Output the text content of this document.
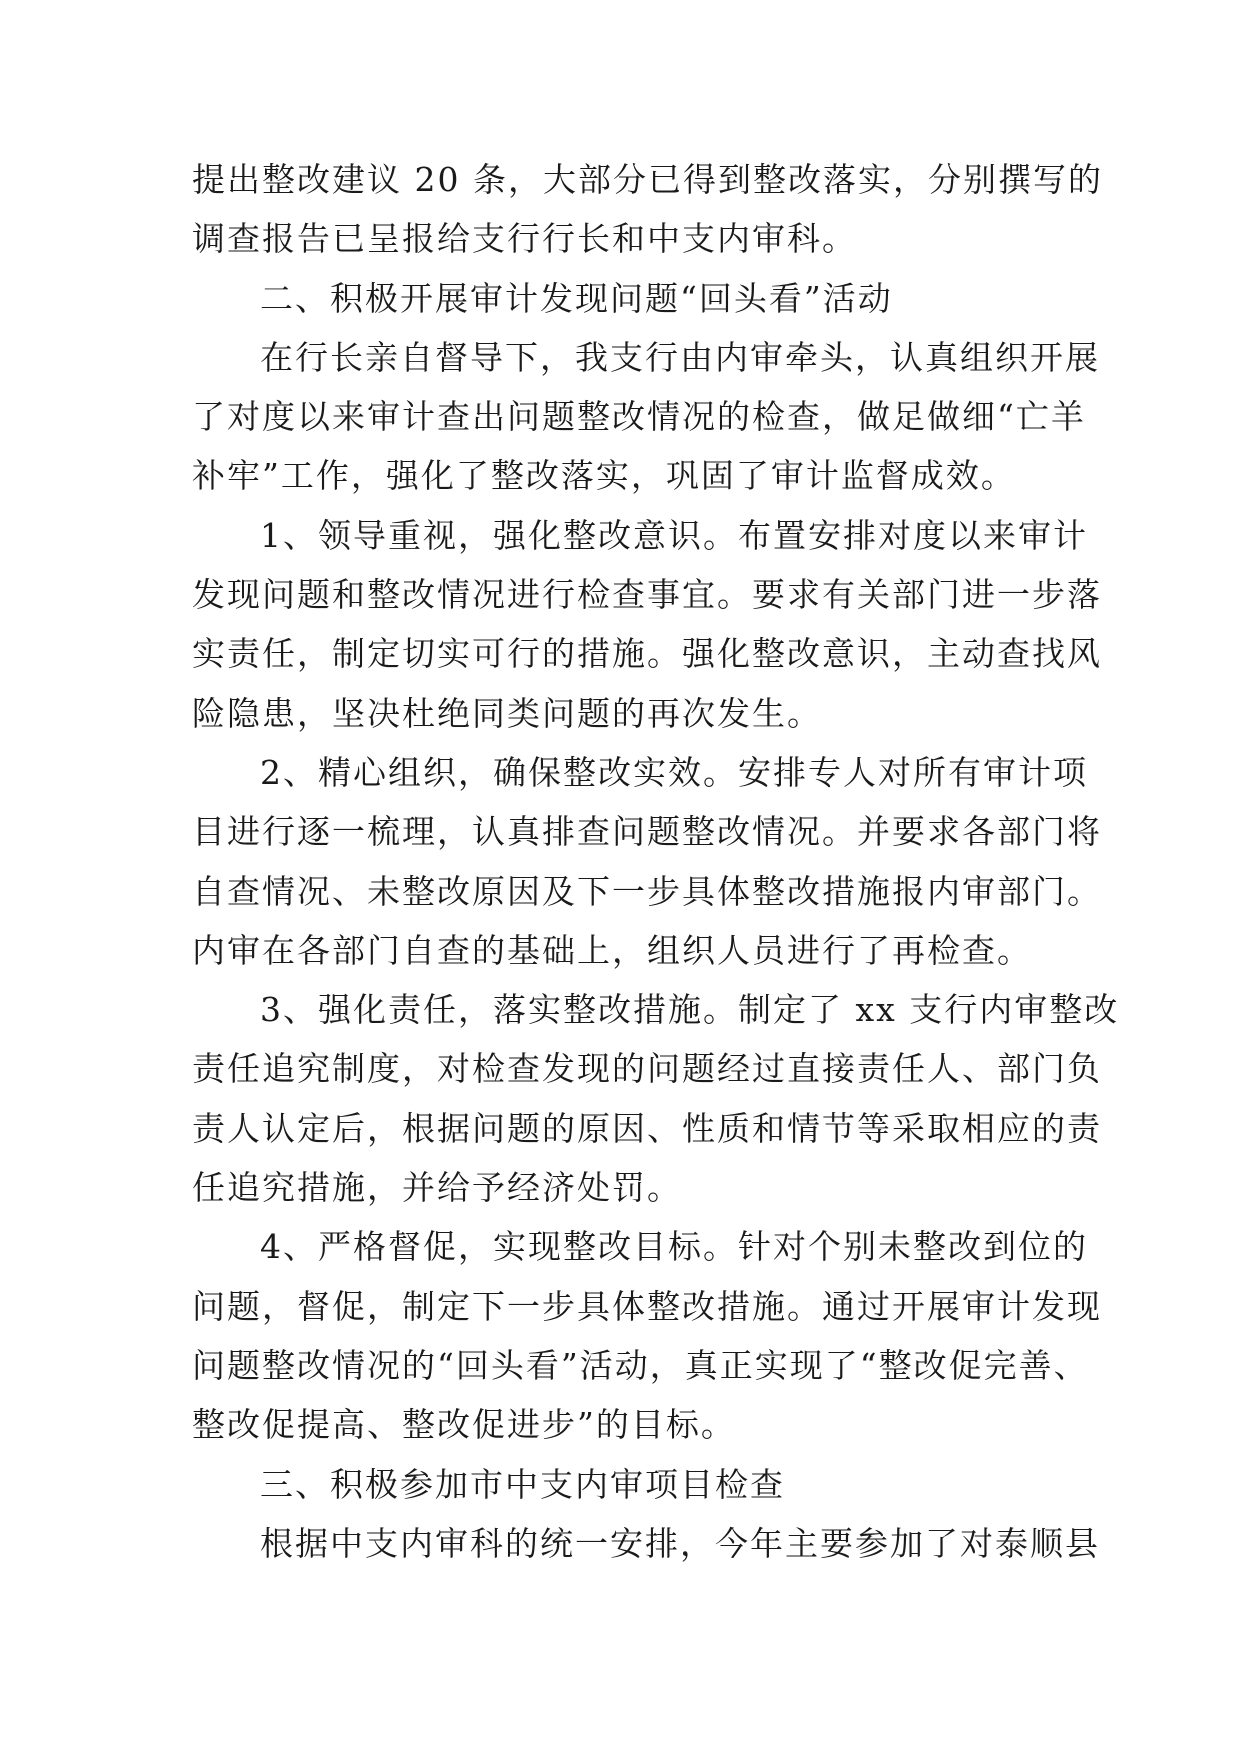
提出整改建议 20 条，大部分已得到整改落实，分别撰写的
调查报告已呈报给支行行长和中支内审科。
二、积极开展审计发现问题“回头看”活动
在行长亲自督导下，我支行由内审牵头，认真组织开展
了对度以来审计查出问题整改情况的检查，做足做细“亡羊
补牢”工作，强化了整改落实，巩固了审计监督成效。
1、领导重视，强化整改意识。布置安排对度以来审计
发现问题和整改情况进行检查事宜。要求有关部门进一步落
实责任，制定切实可行的措施。强化整改意识，主动查找风
险隐患，坚决杜绝同类问题的再次发生。
2、精心组织，确保整改实效。安排专人对所有审计项
目进行逐一梳理，认真排查问题整改情况。并要求各部门将
自查情况、未整改原因及下一步具体整改措施报内审部门。
内审在各部门自查的基础上，组织人员进行了再检查。
3、强化责任，落实整改措施。制定了 xx 支行内审整改
责任追究制度，对检查发现的问题经过直接责任人、部门负
责人认定后，根据问题的原因、性质和情节等采取相应的责
任追究措施，并给予经济处罚。
4、严格督促，实现整改目标。针对个别未整改到位的
问题，督促，制定下一步具体整改措施。通过开展审计发现
问题整改情况的“回头看”活动，真正实现了“整改促完善、
整改促提高、整改促进步”的目标。
三、积极参加市中支内审项目检查
根据中支内审科的统一安排，今年主要参加了对泰顺县
